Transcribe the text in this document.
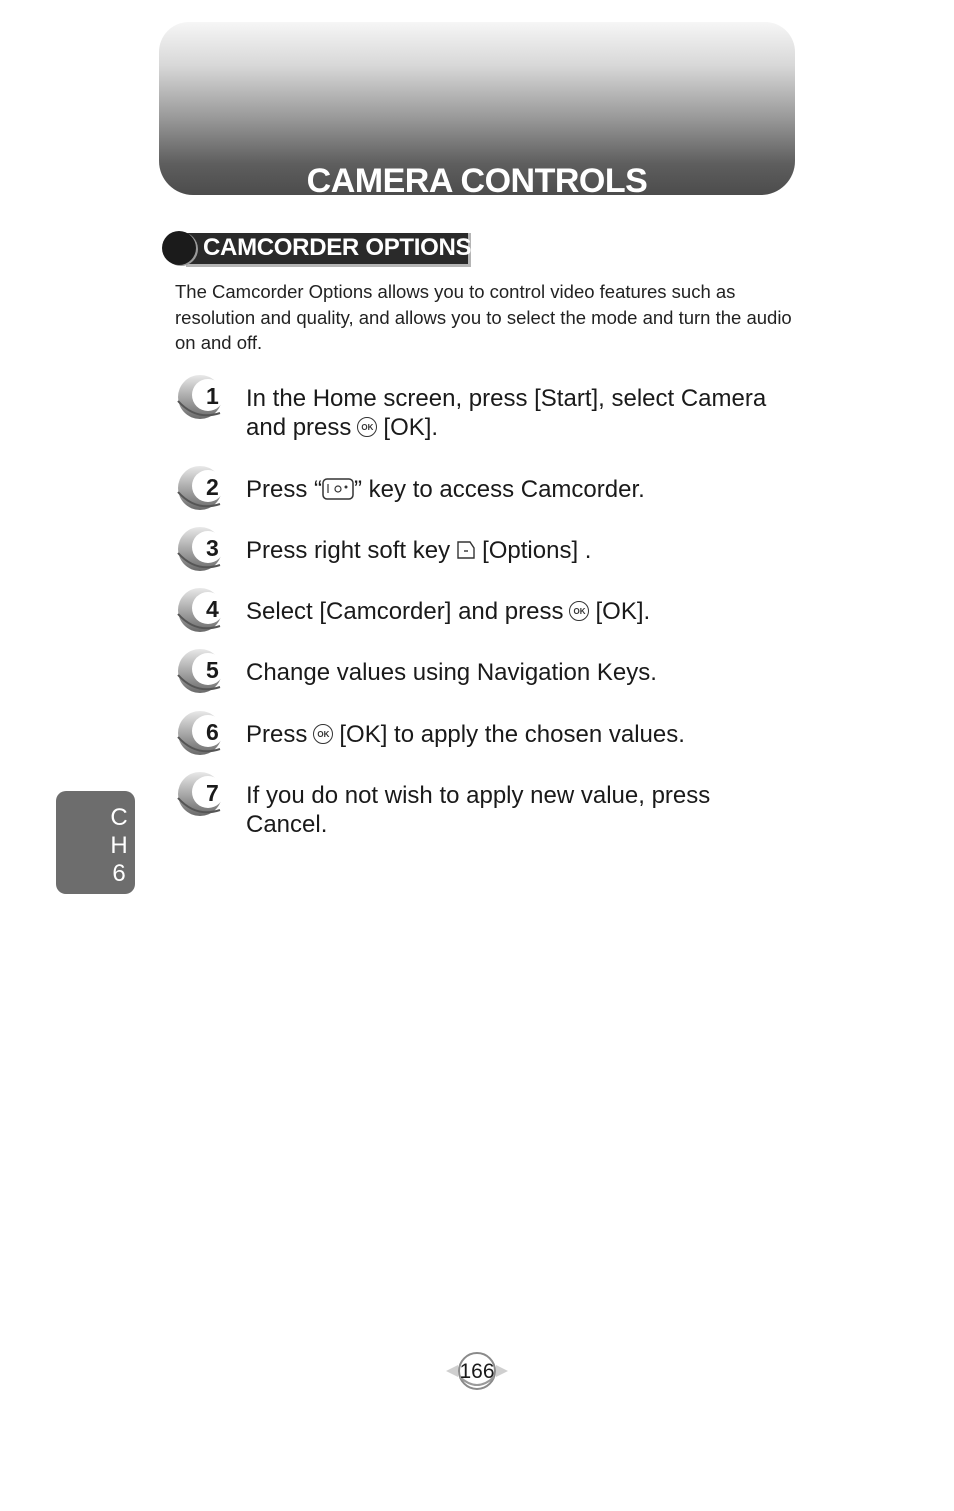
CAMERA CONTROLS
CAMCORDER OPTIONS
The Camcorder Options allows you to control video features such as resolution and quality, and allows you to select the mode and turn the audio on and off.
1 In the Home screen, press [Start], select Camera
and press OK [OK].
2 Press “ ” key to access Camcorder.
3 Press right soft key [Options] .
4 Select [Camcorder] and press OK [OK].
5 Change values using Navigation Keys.
6 Press OK [OK] to apply the chosen values.
7 If you do not wish to apply new value, press
Cancel.
C
H
6
166
